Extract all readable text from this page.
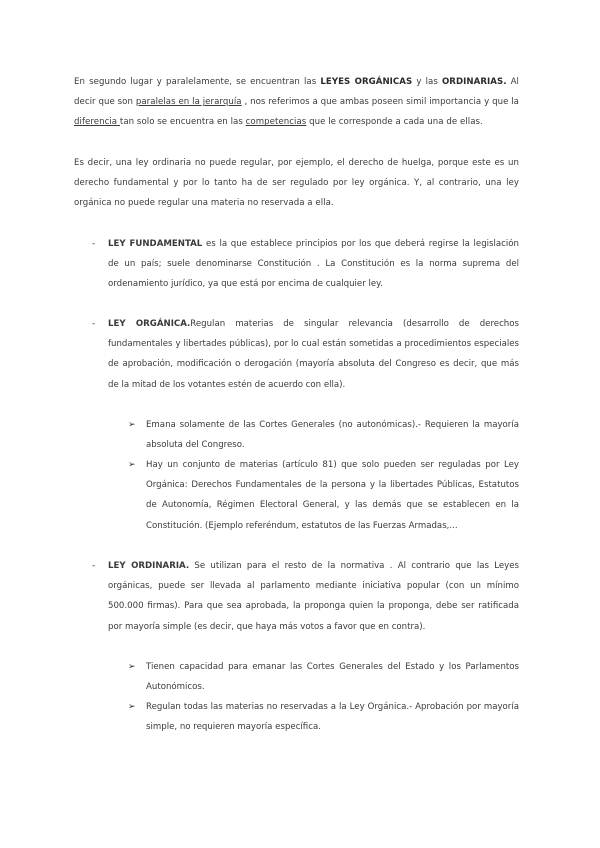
En segundo lugar y paralelamente, se encuentran las LEYES ORGÁNICAS y las ORDINARIAS. Al decir que son paralelas en la jerarquía , nos referimos a que ambas poseen simil importancia y que la diferencia tan solo se encuentra en las competencias que le corresponde a cada una de ellas.
Es decir, una ley ordinaria no puede regular, por ejemplo, el derecho de huelga, porque este es un derecho fundamental y por lo tanto ha de ser regulado por ley orgánica. Y, al contrario, una ley orgánica no puede regular una materia no reservada a ella.
- LEY FUNDAMENTAL es la que establece principios por los que deberá regirse la legislación de un país; suele denominarse Constitución . La Constitución es la norma suprema del ordenamiento jurídico, ya que está por encima de cualquier ley.
- LEY ORGÁNICA.Regulan materias de singular relevancia (desarrollo de derechos fundamentales y libertades públicas), por lo cual están sometidas a procedimientos especiales de aprobación, modificación o derogación (mayoría absoluta del Congreso es decir, que más de la mitad de los votantes estén de acuerdo con ella).
➢ Emana solamente de las Cortes Generales (no autonómicas).- Requieren la mayoría absoluta del Congreso.
➢ Hay un conjunto de materias (artículo 81) que solo pueden ser reguladas por Ley Orgánica: Derechos Fundamentales de la persona y la libertades Públicas, Estatutos de Autonomía, Régimen Electoral General, y las demás que se establecen en la Constitución. (Ejemplo referéndum, estatutos de las Fuerzas Armadas,...
- LEY ORDINARIA. Se utilizan para el resto de la normativa . Al contrario que las Leyes orgánicas, puede ser llevada al parlamento mediante iniciativa popular (con un mínimo 500.000 firmas). Para que sea aprobada, la proponga quien la proponga, debe ser ratificada por mayoría simple (es decir, que haya más votos a favor que en contra).
➢ Tienen capacidad para emanar las Cortes Generales del Estado y los Parlamentos Autonómicos.
➢ Regulan todas las materias no reservadas a la Ley Orgánica.- Aprobación por mayoría simple, no requieren mayoría específica.
